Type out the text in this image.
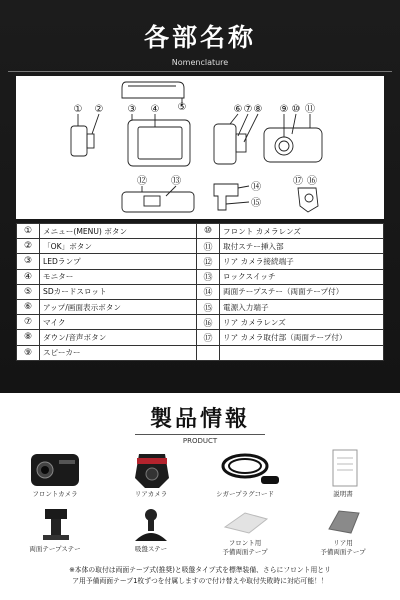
各部名称
Nomenclature
① ② ③ ④ ⑤	⑥ ⑦ ⑧ ⑨ ⑩ ⑪
⑫ ⑬
⑭
⑮
⑰ ⑯
①	メニュー(MENU) ボタン	⑩	フロント カメラレンズ
②	「OK」ボタン	⑪	取付ステー挿入部
③	LEDランプ	⑫	リア カメラ接続端子
④	モニター	⑬	ロックスイッチ
⑤	SDカードスロット	⑭	両面テープステー（両面テープ付）
⑥	アップ/画面表示ボタン	⑮	電源入力端子
⑦	マイク	⑯	リア カメラレンズ
⑧	ダウン/音声ボタン	⑰	リア カメラ取付部（両面テープ付）
⑨	スピーカー		
製品情報
PRODUCT
フロントカメラ	リアカメラ	シガープラグコード	説明書
両面テープステー	吸盤ステー
フロント用
予備両面テープ
リア用
予備両面テープ
※本体の取付は両面テープ式(推奨)と吸盤タイプ式を標準装備、さらにフロント用とリ
ア用予備両面テープ1枚ずつを付属しますので付け替えや取付失敗時に対応可能！！
